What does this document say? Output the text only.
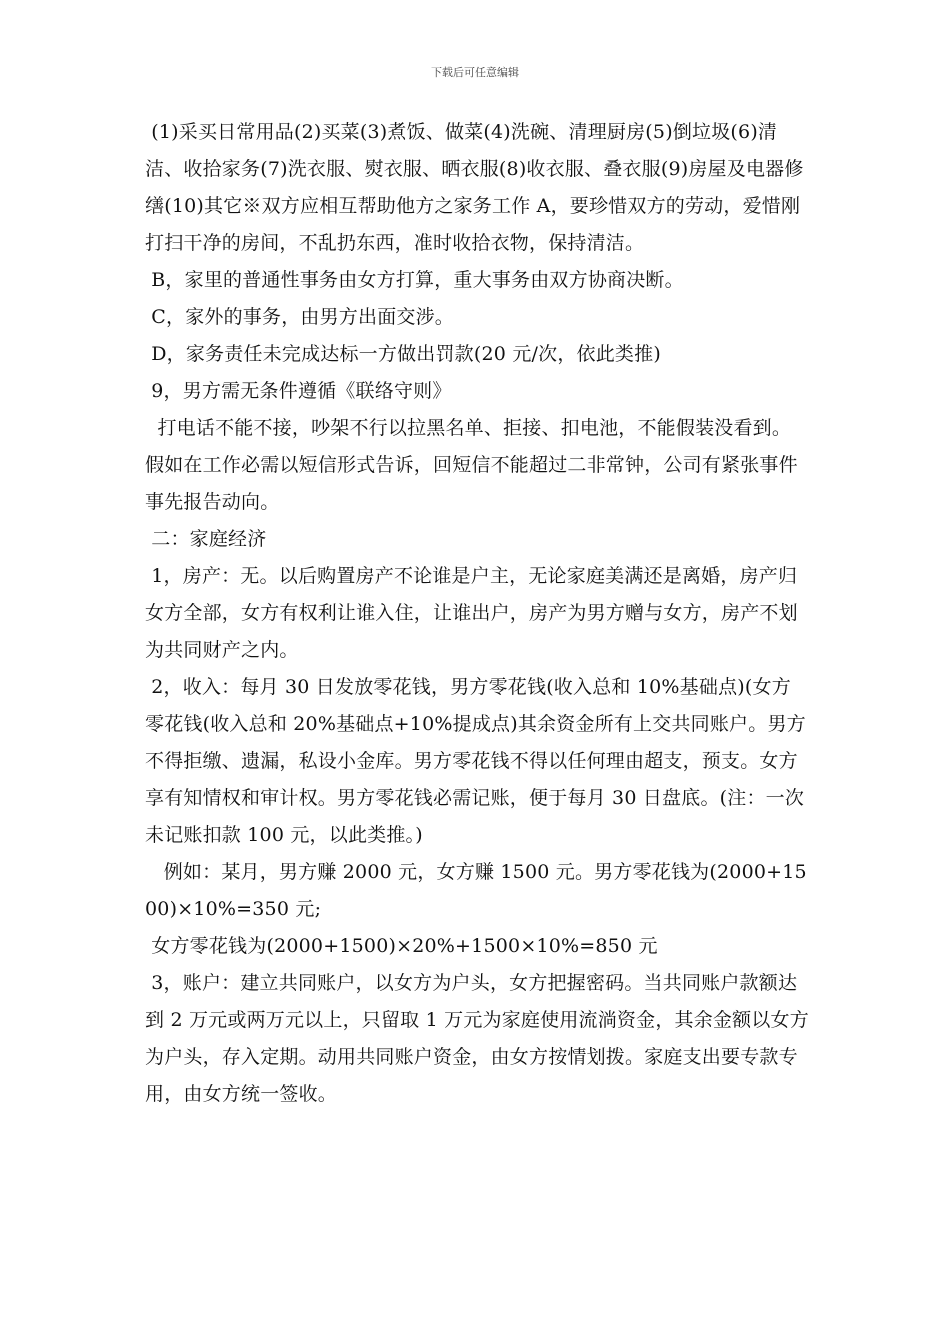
下载后可任意编辑

(1)采买日常用品(2)买菜(3)煮饭、做菜(4)洗碗、清理厨房(5)倒垃圾(6)清洁、收拾家务(7)洗衣服、熨衣服、晒衣服(8)收衣服、叠衣服(9)房屋及电器修缮(10)其它※双方应相互帮助他方之家务工作 A，要珍惜双方的劳动，爱惜刚打扫干净的房间，不乱扔东西，准时收拾衣物，保持清洁。

B，家里的普通性事务由女方打算，重大事务由双方协商决断。

C，家外的事务，由男方出面交涉。

D，家务责任未完成达标一方做出罚款(20 元/次，依此类推)

9，男方需无条件遵循《联络守则》

打电话不能不接，吵架不行以拉黑名单、拒接、扣电池，不能假装没看到。假如在工作必需以短信形式告诉，回短信不能超过二非常钟，公司有紧张事件事先报告动向。

二：家庭经济

1，房产：无。以后购置房产不论谁是户主，无论家庭美满还是离婚，房产归女方全部，女方有权利让谁入住，让谁出户，房产为男方赠与女方，房产不划为共同财产之内。

2，收入：每月 30 日发放零花钱，男方零花钱(收入总和 10%基础点)(女方零花钱(收入总和 20%基础点+10%提成点)其余资金所有上交共同账户。男方不得拒缴、遗漏，私设小金库。男方零花钱不得以任何理由超支，预支。女方享有知情权和审计权。男方零花钱必需记账，便于每月 30 日盘底。(注：一次未记账扣款 100 元，以此类推。)

例如：某月，男方赚 2000 元，女方赚 1500 元。男方零花钱为(2000+1500)×10%=350 元;

女方零花钱为(2000+1500)×20%+1500×10%=850 元

3，账户：建立共同账户，以女方为户头，女方把握密码。当共同账户款额达到 2 万元或两万元以上，只留取 1 万元为家庭使用流淌资金，其余金额以女方为户头，存入定期。动用共同账户资金，由女方按情划拨。家庭支出要专款专用，由女方统一签收。
